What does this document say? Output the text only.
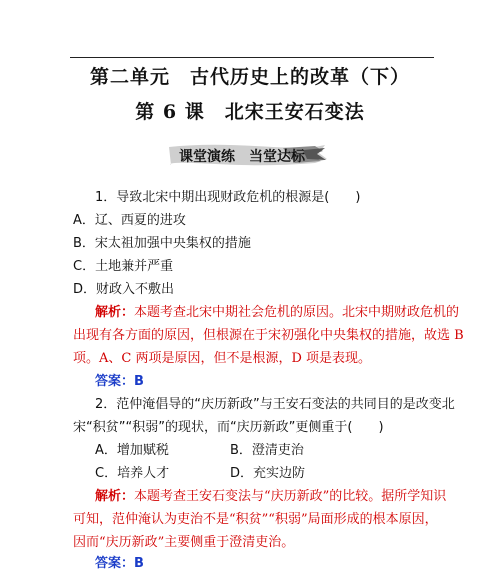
第二单元　古代历史上的改革（下）
第 6 课　北宋王安石变法
课堂演练　当堂达标
1．导致北宋中期出现财政危机的根源是(　　)
A．辽、西夏的进攻
B．宋太祖加强中央集权的措施
C．土地兼并严重
D．财政入不敷出
解析：本题考查北宋中期社会危机的原因。北宋中期财政危机的
出现有各方面的原因，但根源在于宋初强化中央集权的措施，故选 B
项。A、C 两项是原因，但不是根源，D 项是表现。
答案：B
2．范仲淹倡导的“庆历新政”与王安石变法的共同目的是改变北
宋“积贫”“积弱”的现状，而“庆历新政”更侧重于(　　)
A．增加赋税	B．澄清吏治
C．培养人才	D．充实边防
解析：本题考查王安石变法与“庆历新政”的比较。据所学知识
可知，范仲淹认为吏治不是“积贫”“积弱”局面形成的根本原因，
因而“庆历新政”主要侧重于澄清吏治。
答案：B
